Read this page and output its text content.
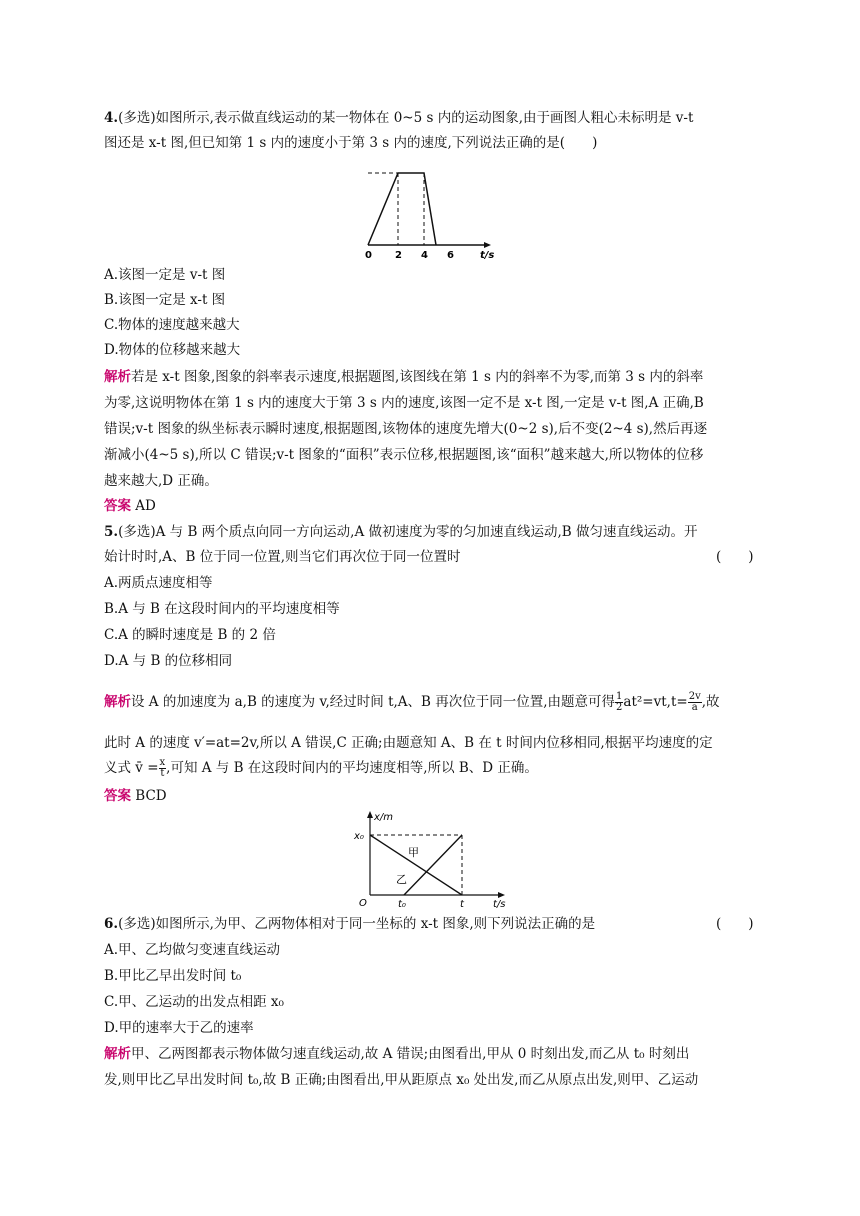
4.(多选)如图所示,表示做直线运动的某一物体在 0~5 s 内的运动图象,由于画图人粗心未标明是 v-t
图还是 x-t 图,但已知第 1 s 内的速度小于第 3 s 内的速度,下列说法正确的是(　　)
0 2 4 6	t/s
A.该图一定是 v-t 图
B.该图一定是 x-t 图
C.物体的速度越来越大
D.物体的位移越来越大
解析若是 x-t 图象,图象的斜率表示速度,根据题图,该图线在第 1 s 内的斜率不为零,而第 3 s 内的斜率
为零,这说明物体在第 1 s 内的速度大于第 3 s 内的速度,该图一定不是 x-t 图,一定是 v-t 图,A 正确,B
错误;v-t 图象的纵坐标表示瞬时速度,根据题图,该物体的速度先增大(0~2 s),后不变(2~4 s),然后再逐
渐减小(4~5 s),所以 C 错误;v-t 图象的“面积”表示位移,根据题图,该“面积”越来越大,所以物体的位移
越来越大,D 正确。
答案 AD
5.(多选)A 与 B 两个质点向同一方向运动,A 做初速度为零的匀加速直线运动,B 做匀速直线运动。开
始计时时,A、B 位于同一位置,则当它们再次位于同一位置时	(　　)
A.两质点速度相等
B.A 与 B 在这段时间内的平均速度相等
C.A 的瞬时速度是 B 的 2 倍
D.A 与 B 的位移相同
解析设 A 的加速度为 a,B 的速度为 v,经过时间 t,A、B 再次位于同一位置,由题意可得 $\frac{1}{2} at^2=vt,t= \frac{2v}{a}$ ,故
此时 A 的速度 v′=at=2v,所以 A 错误,C 正确;由题意知 A、B 在 t 时间内位移相同,根据平均速度的定
义式 v̄ = $\frac{x}{t}$ ,可知 A 与 B 在这段时间内的平均速度相等,所以 B、D 正确。
答案 BCD
x/m
x₀
O	t₀	t	t/s
甲
乙
6.(多选)如图所示,为甲、乙两物体相对于同一坐标的 x-t 图象,则下列说法正确的是	(　　)
A.甲、乙均做匀变速直线运动
B.甲比乙早出发时间 t₀
C.甲、乙运动的出发点相距 x₀
D.甲的速率大于乙的速率
解析甲、乙两图都表示物体做匀速直线运动,故 A 错误;由图看出,甲从 0 时刻出发,而乙从 t₀ 时刻出
发,则甲比乙早出发时间 t₀,故 B 正确;由图看出,甲从距原点 x₀ 处出发,而乙从原点出发,则甲、乙运动
